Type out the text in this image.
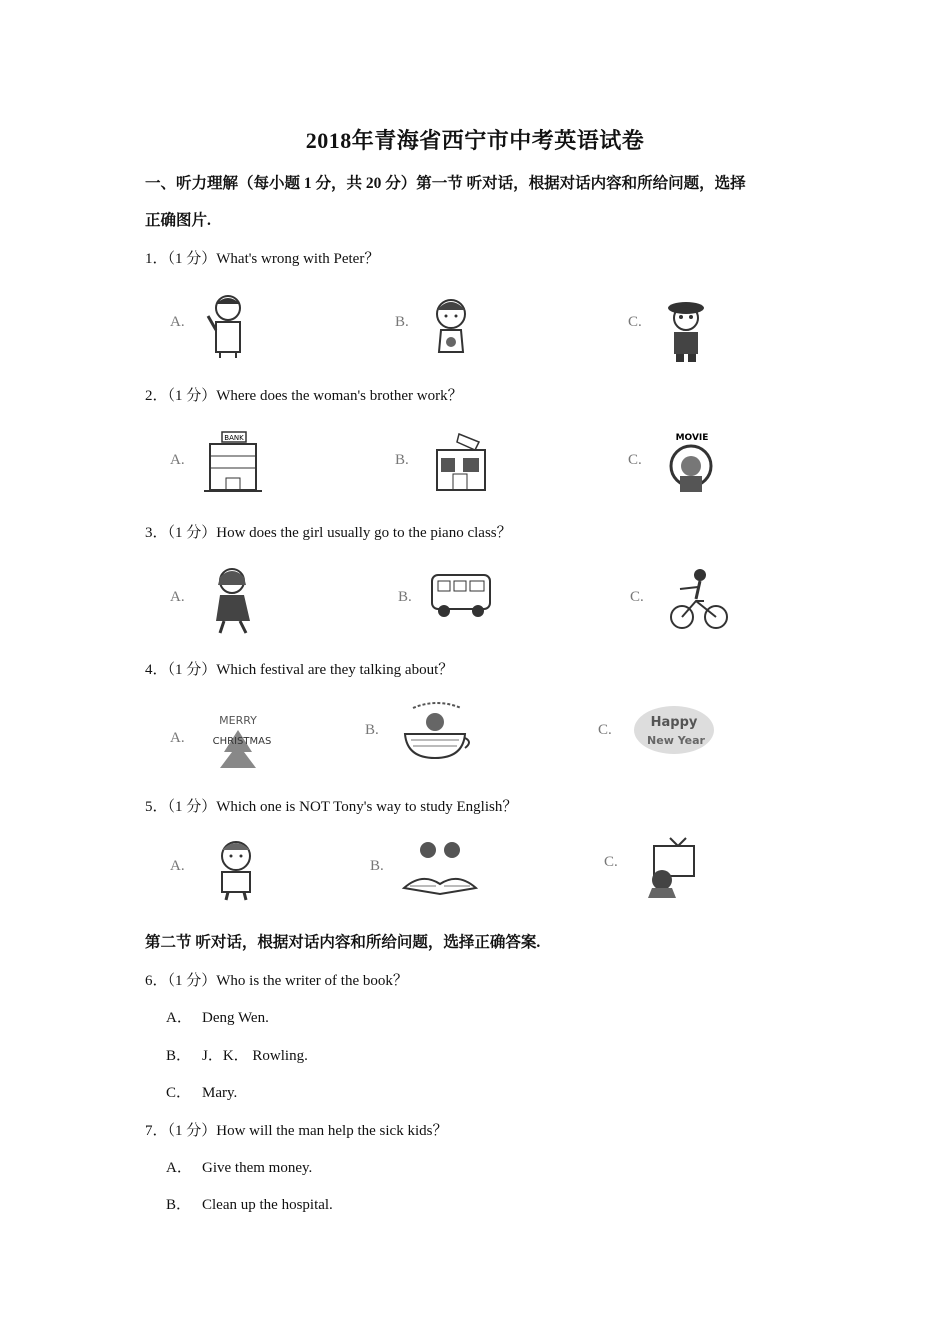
2018年青海省西宁市中考英语试卷
一、听力理解（每小题 1 分，共 20 分）第一节 听对话，根据对话内容和所给问题，选择
正确图片.
1．（1 分）What's wrong with Peter？
A.	B.	C.
2．（1 分）Where does the woman's brother work？
A.
BANK
B.	C.
MOVIE
3．（1 分）How does the girl usually go to the piano class？
A.	B.	C.
4．（1 分）Which festival are they talking about？
A.
MERRY
CHRISTMAS
B.	C.	Happy
New Year
5．（1 分）Which one is NOT Tony's way to study English？
A.	B.	C.
第二节 听对话，根据对话内容和所给问题，选择正确答案.
6．（1 分）Who is the writer of the book？
A． Deng Wen.
B． J．K． Rowling.
C． Mary.
7．（1 分）How will the man help the sick kids？
A． Give them money.
B． Clean up the hospital.
